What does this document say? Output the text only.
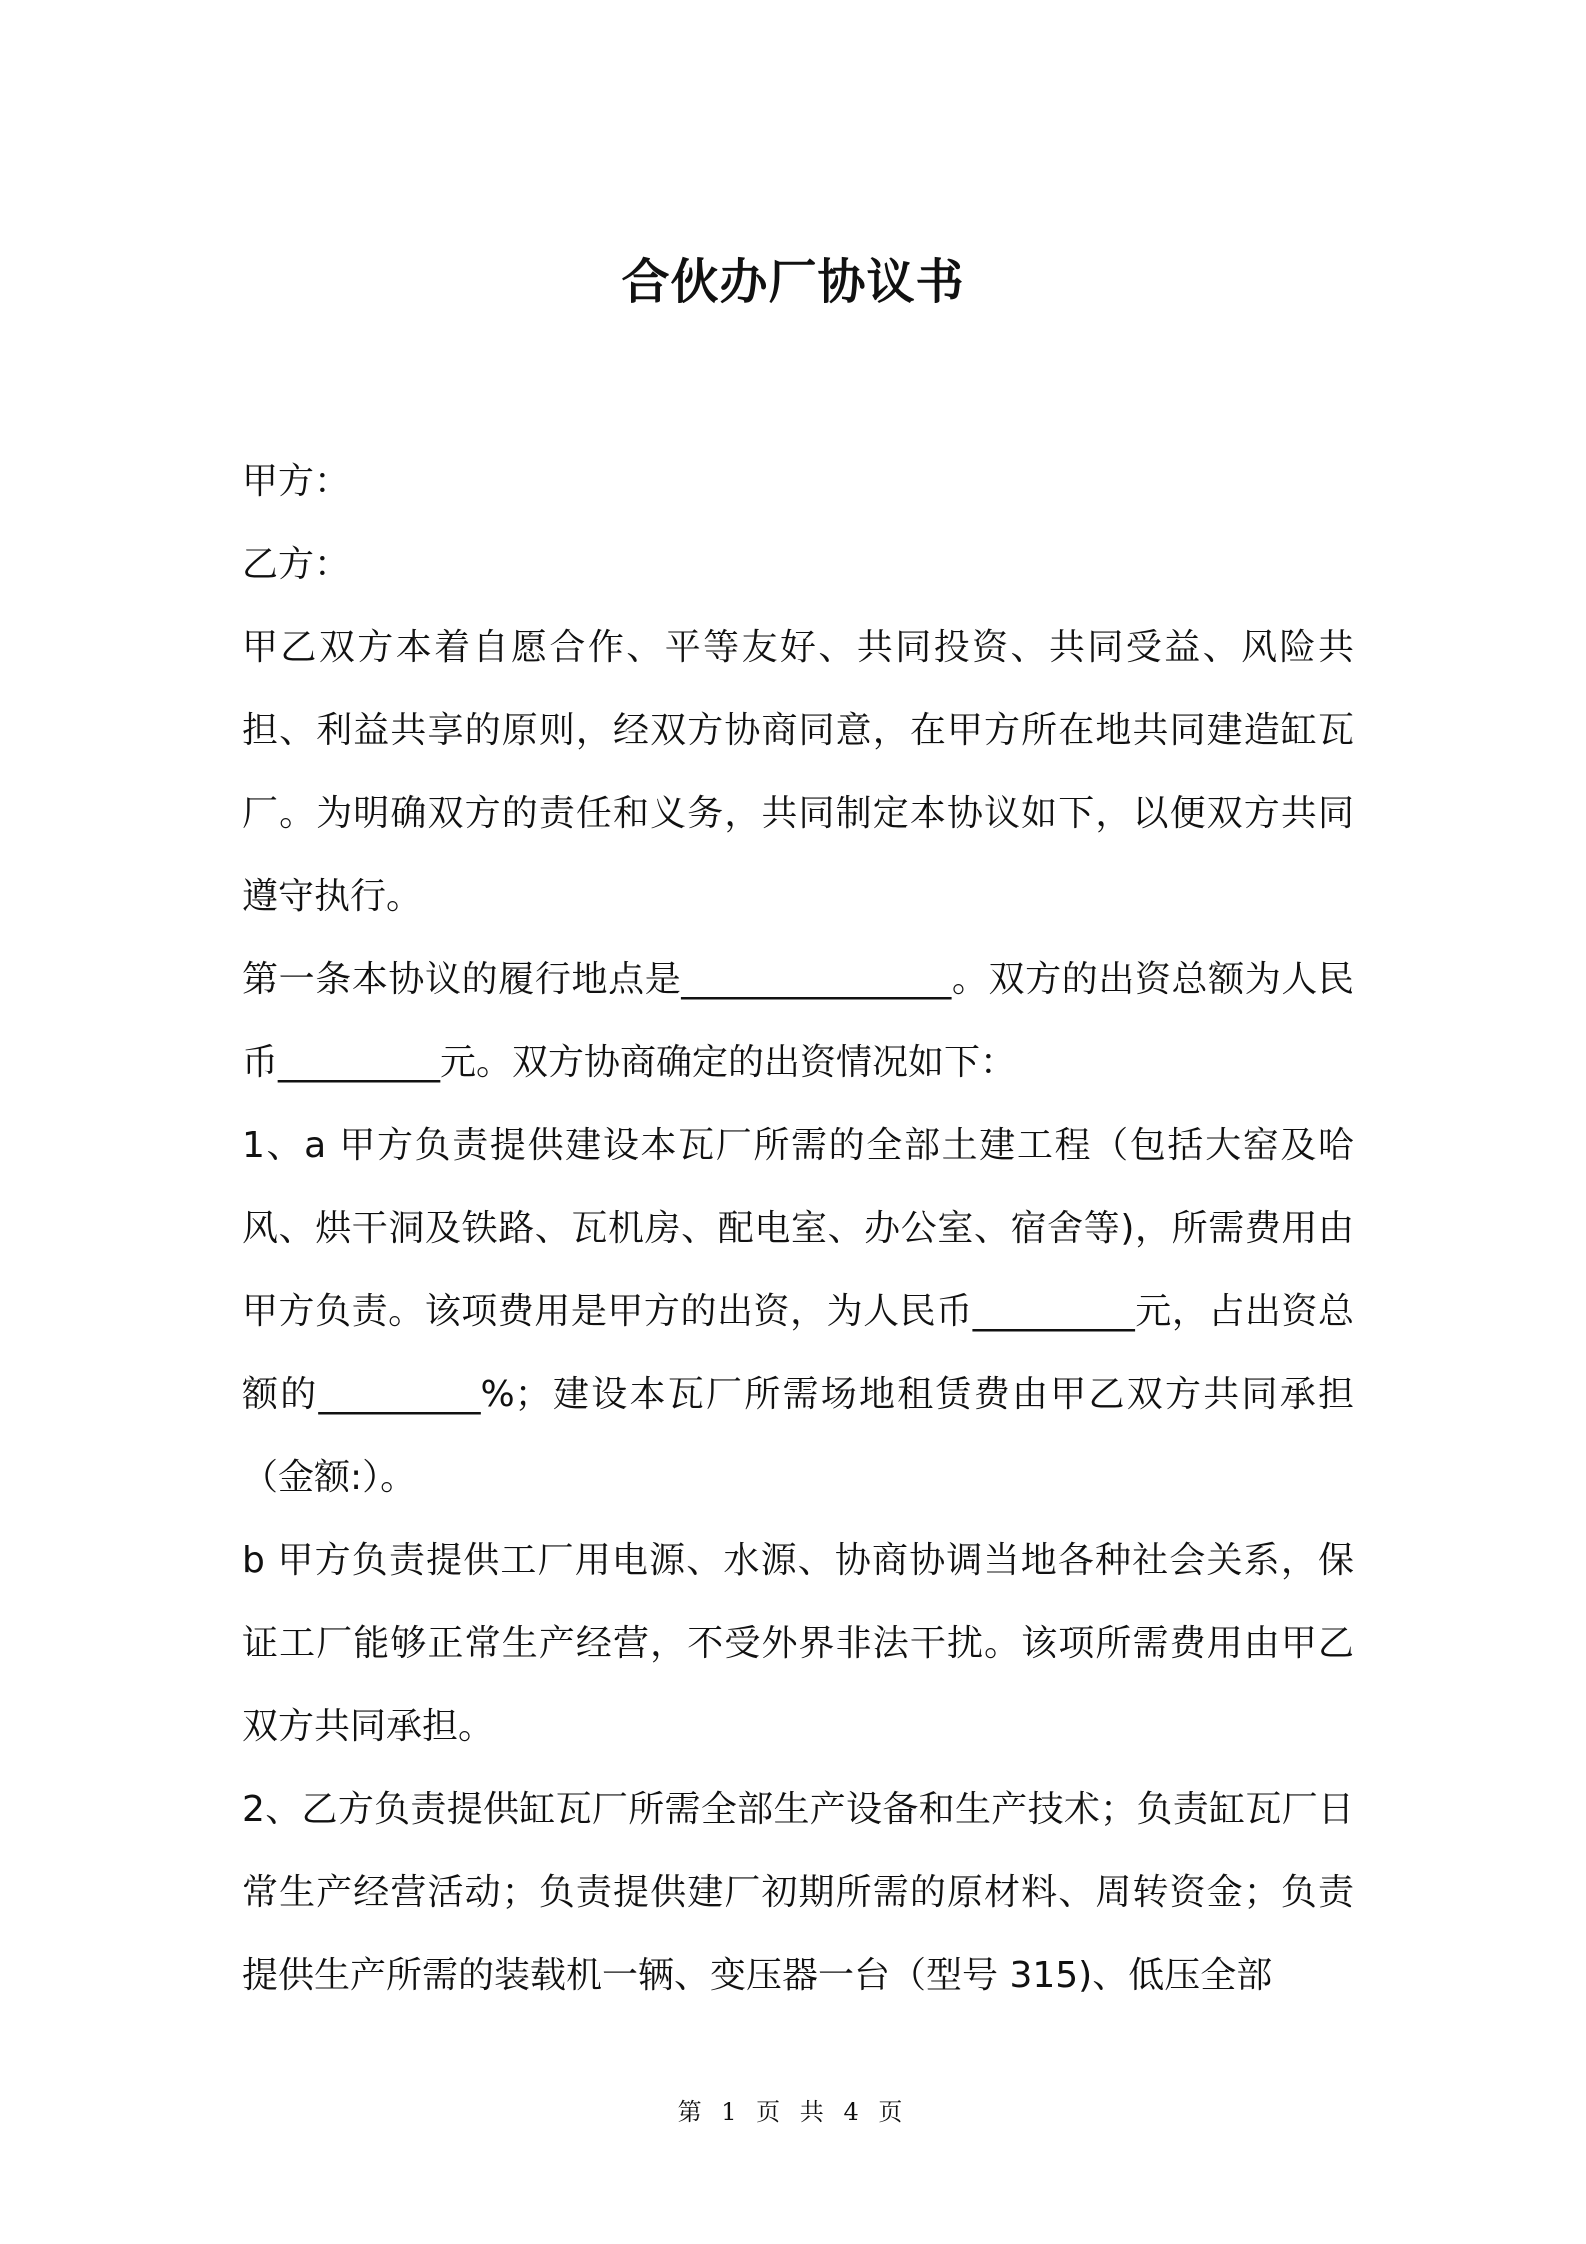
合伙办厂协议书

甲方：

乙方：

甲乙双方本着自愿合作、平等友好、共同投资、共同受益、风险共担、利益共享的原则，经双方协商同意，在甲方所在地共同建造缸瓦厂。为明确双方的责任和义务，共同制定本协议如下，以便双方共同遵守执行。

第一条本协议的履行地点是_______________。双方的出资总额为人民币_________元。双方协商确定的出资情况如下：

1、a 甲方负责提供建设本瓦厂所需的全部土建工程（包括大窑及哈风、烘干洞及铁路、瓦机房、配电室、办公室、宿舍等)，所需费用由甲方负责。该项费用是甲方的出资，为人民币_________元，占出资总额的_________%；建设本瓦厂所需场地租赁费由甲乙双方共同承担（金额:）。

b 甲方负责提供工厂用电源、水源、协商协调当地各种社会关系，保证工厂能够正常生产经营，不受外界非法干扰。该项所需费用由甲乙双方共同承担。

2、乙方负责提供缸瓦厂所需全部生产设备和生产技术；负责缸瓦厂日常生产经营活动；负责提供建厂初期所需的原材料、周转资金；负责提供生产所需的装载机一辆、变压器一台（型号 315)、低压全部

第 1 页 共 4 页
